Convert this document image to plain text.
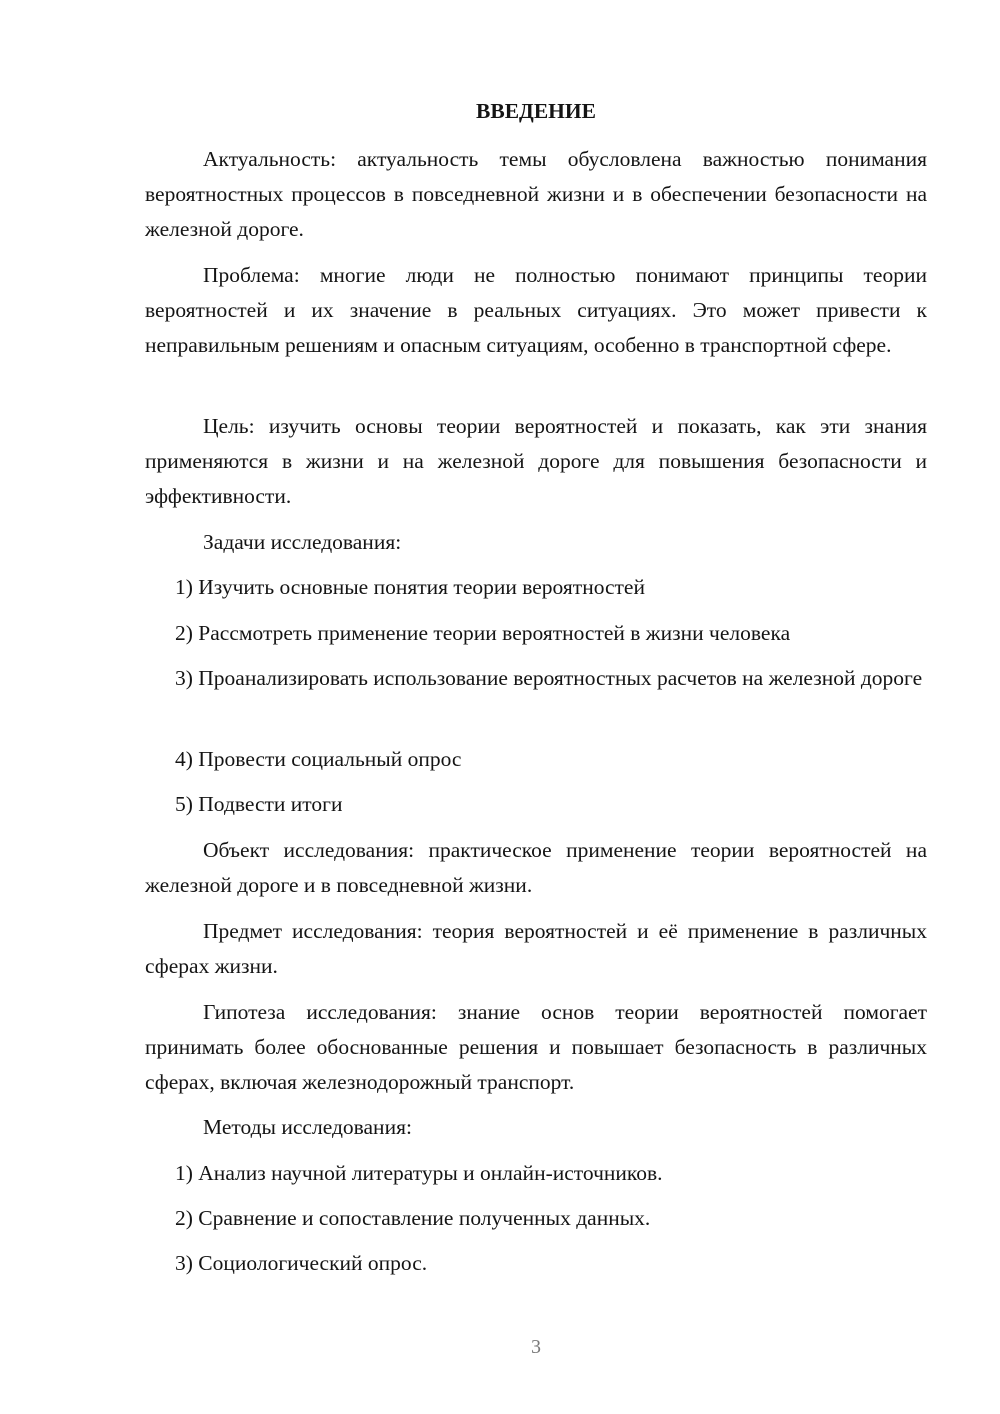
ВВЕДЕНИЕ

Актуальность: актуальность темы обусловлена важностью понимания вероятностных процессов в повседневной жизни и в обеспечении безопасности на железной дороге.

Проблема: многие люди не полностью понимают принципы теории вероятностей и их значение в реальных ситуациях. Это может привести к неправильным решениям и опасным ситуациям, особенно в транспортной сфере.

Цель: изучить основы теории вероятностей и показать, как эти знания применяются в жизни и на железной дороге для повышения безопасности и эффективности.

Задачи исследования:

1) Изучить основные понятия теории вероятностей

2) Рассмотреть применение теории вероятностей в жизни человека

3) Проанализировать использование вероятностных расчетов на железной дороге

4) Провести социальный опрос

5) Подвести итоги

Объект исследования: практическое применение теории вероятностей на железной дороге и в повседневной жизни.

Предмет исследования: теория вероятностей и её применение в различных сферах жизни.

Гипотеза исследования: знание основ теории вероятностей помогает принимать более обоснованные решения и повышает безопасность в различных сферах, включая железнодорожный транспорт.

Методы исследования:

1) Анализ научной литературы и онлайн-источников.

2) Сравнение и сопоставление полученных данных.

3) Социологический опрос.

3
